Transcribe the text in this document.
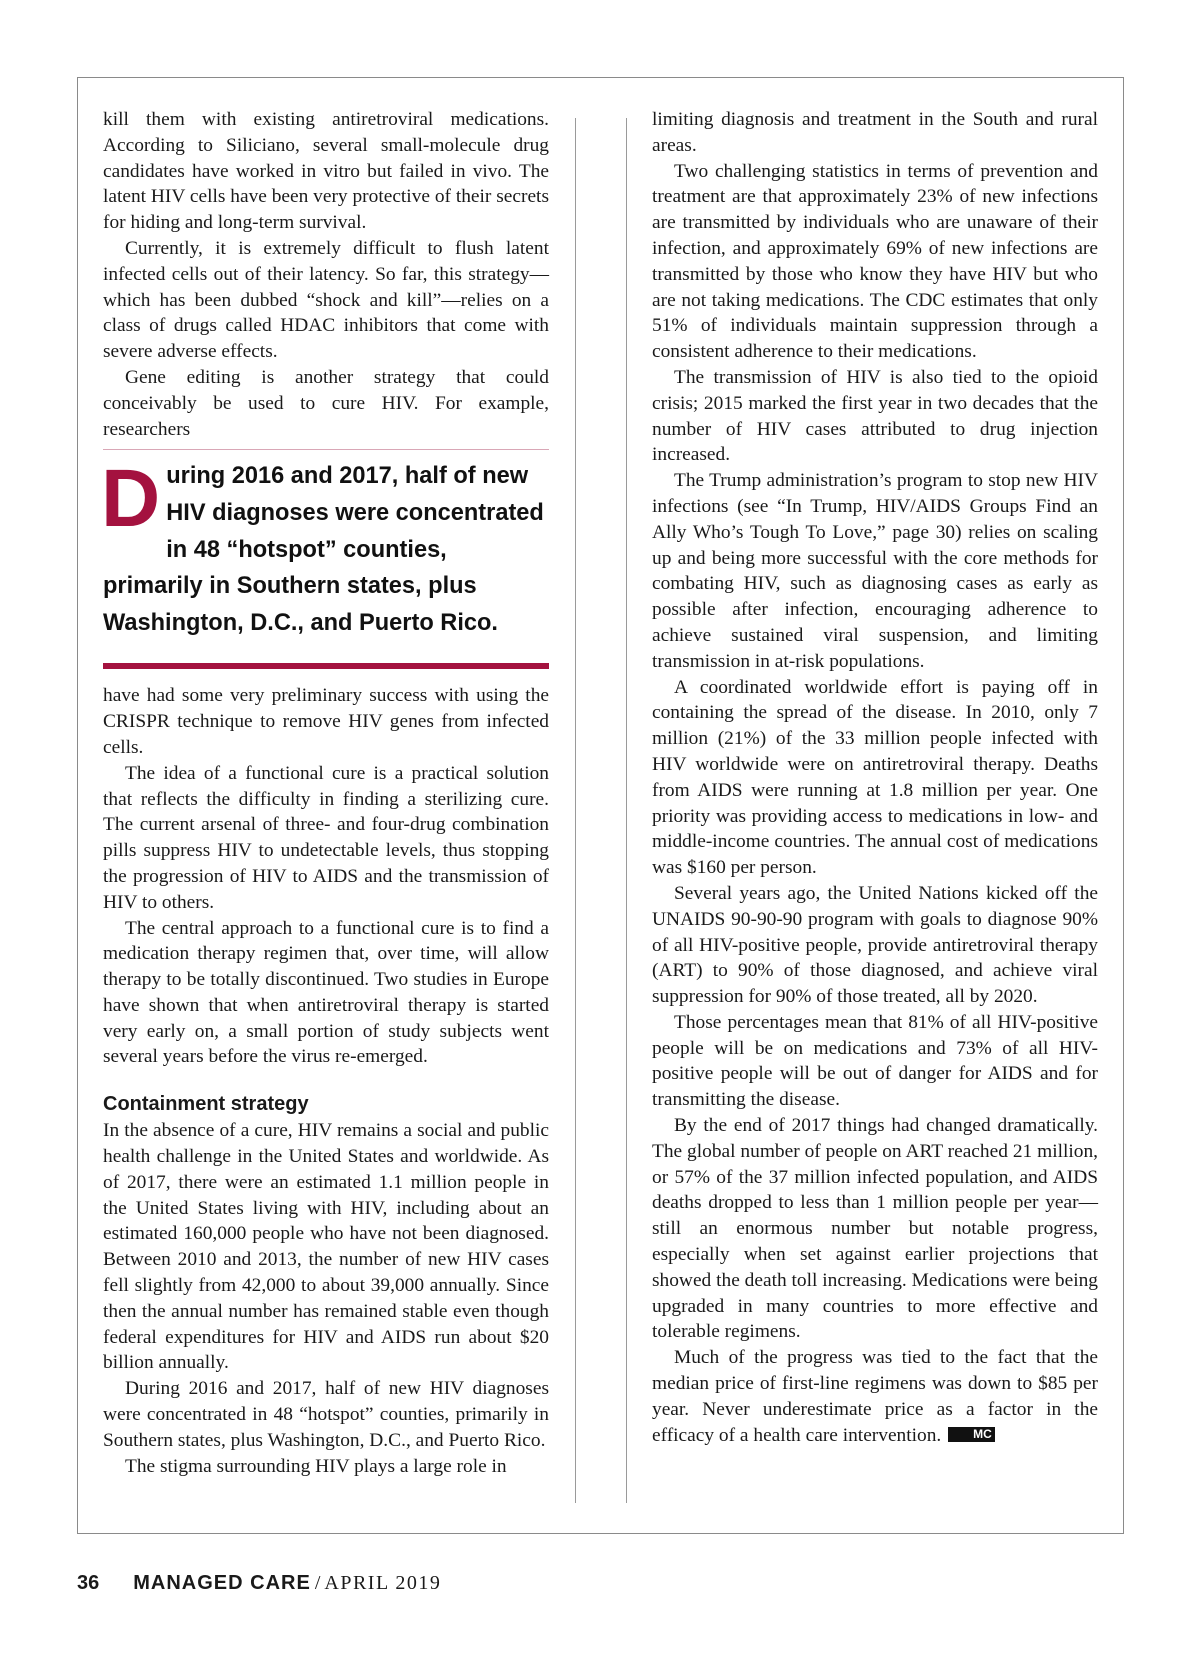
kill them with existing antiretroviral medications. According to Siliciano, several small-molecule drug candidates have worked in vitro but failed in vivo. The latent HIV cells have been very protective of their secrets for hiding and long-term survival.

Currently, it is extremely difficult to flush latent infected cells out of their latency. So far, this strategy—which has been dubbed “shock and kill”—relies on a class of drugs called HDAC inhibitors that come with severe adverse effects.

Gene editing is another strategy that could conceivably be used to cure HIV. For example, researchers

During 2016 and 2017, half of new HIV diagnoses were concentrated in 48 “hotspot” counties, primarily in Southern states, plus Washington, D.C., and Puerto Rico.

have had some very preliminary success with using the CRISPR technique to remove HIV genes from infected cells.

The idea of a functional cure is a practical solution that reflects the difficulty in finding a sterilizing cure. The current arsenal of three- and four-drug combination pills suppress HIV to undetectable levels, thus stopping the progression of HIV to AIDS and the transmission of HIV to others.

The central approach to a functional cure is to find a medication therapy regimen that, over time, will allow therapy to be totally discontinued. Two studies in Europe have shown that when antiretroviral therapy is started very early on, a small portion of study subjects went several years before the virus re-emerged.

Containment strategy

In the absence of a cure, HIV remains a social and public health challenge in the United States and worldwide. As of 2017, there were an estimated 1.1 million people in the United States living with HIV, including about an estimated 160,000 people who have not been diagnosed. Between 2010 and 2013, the number of new HIV cases fell slightly from 42,000 to about 39,000 annually. Since then the annual number has remained stable even though federal expenditures for HIV and AIDS run about $20 billion annually.

During 2016 and 2017, half of new HIV diagnoses were concentrated in 48 “hotspot” counties, primarily in Southern states, plus Washington, D.C., and Puerto Rico.

The stigma surrounding HIV plays a large role in

limiting diagnosis and treatment in the South and rural areas.

Two challenging statistics in terms of prevention and treatment are that approximately 23% of new infections are transmitted by individuals who are unaware of their infection, and approximately 69% of new infections are transmitted by those who know they have HIV but who are not taking medications. The CDC estimates that only 51% of individuals maintain suppression through a consistent adherence to their medications.

The transmission of HIV is also tied to the opioid crisis; 2015 marked the first year in two decades that the number of HIV cases attributed to drug injection increased.

The Trump administration’s program to stop new HIV infections (see “In Trump, HIV/AIDS Groups Find an Ally Who’s Tough To Love,” page 30) relies on scaling up and being more successful with the core methods for combating HIV, such as diagnosing cases as early as possible after infection, encouraging adherence to achieve sustained viral suspension, and limiting transmission in at-risk populations.

A coordinated worldwide effort is paying off in containing the spread of the disease. In 2010, only 7 million (21%) of the 33 million people infected with HIV worldwide were on antiretroviral therapy. Deaths from AIDS were running at 1.8 million per year. One priority was providing access to medications in low- and middle-income countries. The annual cost of medications was $160 per person.

Several years ago, the United Nations kicked off the UNAIDS 90-90-90 program with goals to diagnose 90% of all HIV-positive people, provide antiretroviral therapy (ART) to 90% of those diagnosed, and achieve viral suppression for 90% of those treated, all by 2020.

Those percentages mean that 81% of all HIV-positive people will be on medications and 73% of all HIV-positive people will be out of danger for AIDS and for transmitting the disease.

By the end of 2017 things had changed dramatically. The global number of people on ART reached 21 million, or 57% of the 37 million infected population, and AIDS deaths dropped to less than 1 million people per year—still an enormous number but notable progress, especially when set against earlier projections that showed the death toll increasing. Medications were being upgraded in many countries to more effective and tolerable regimens.

Much of the progress was tied to the fact that the median price of first-line regimens was down to $85 per year. Never underestimate price as a factor in the efficacy of a health care intervention.	MC

36 MANAGED CARE / APRIL 2019
